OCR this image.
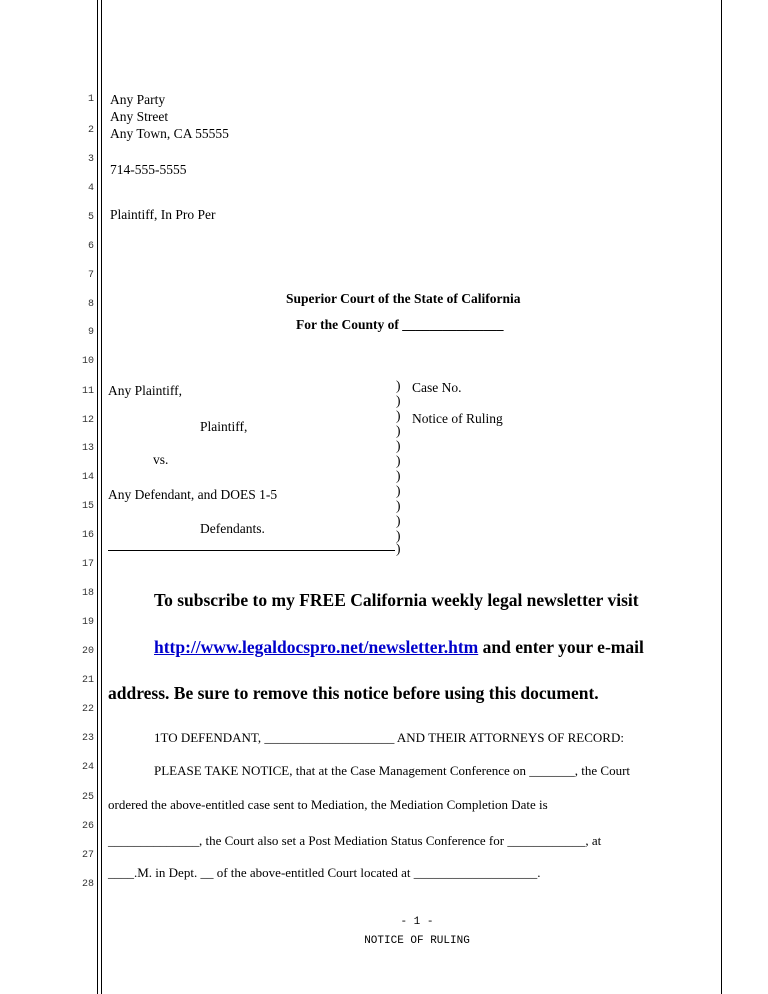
1
2
3
4
5
6
7
8
9
10
11
12
13
14
15
16
17
18
19
20
21
22
23
24
25
26
27
28
Any Party
Any Street
Any Town, CA 55555
714-555-5555
Plaintiff, In Pro Per
Superior Court of the State of California
For the County of _______________
Any Plaintiff,
Plaintiff,
vs.
Any Defendant, and DOES 1-5
Defendants.
)
)
)
)
)
)
)
)
)
)
)
)
Case No.
Notice of Ruling
To subscribe to my FREE California weekly legal newsletter visit
http://www.legaldocspro.net/newsletter.htm and enter your e-mail
address. Be sure to remove this notice before using this document.
1TO DEFENDANT, ____________________ AND THEIR ATTORNEYS OF RECORD:
PLEASE TAKE NOTICE, that at the Case Management Conference on _______, the Court
ordered the above-entitled case sent to Mediation, the Mediation Completion Date is
______________, the Court also set a Post Mediation Status Conference for ____________, at
____.M. in Dept. __ of the above-entitled Court located at ___________________.
- 1 -
NOTICE OF RULING
